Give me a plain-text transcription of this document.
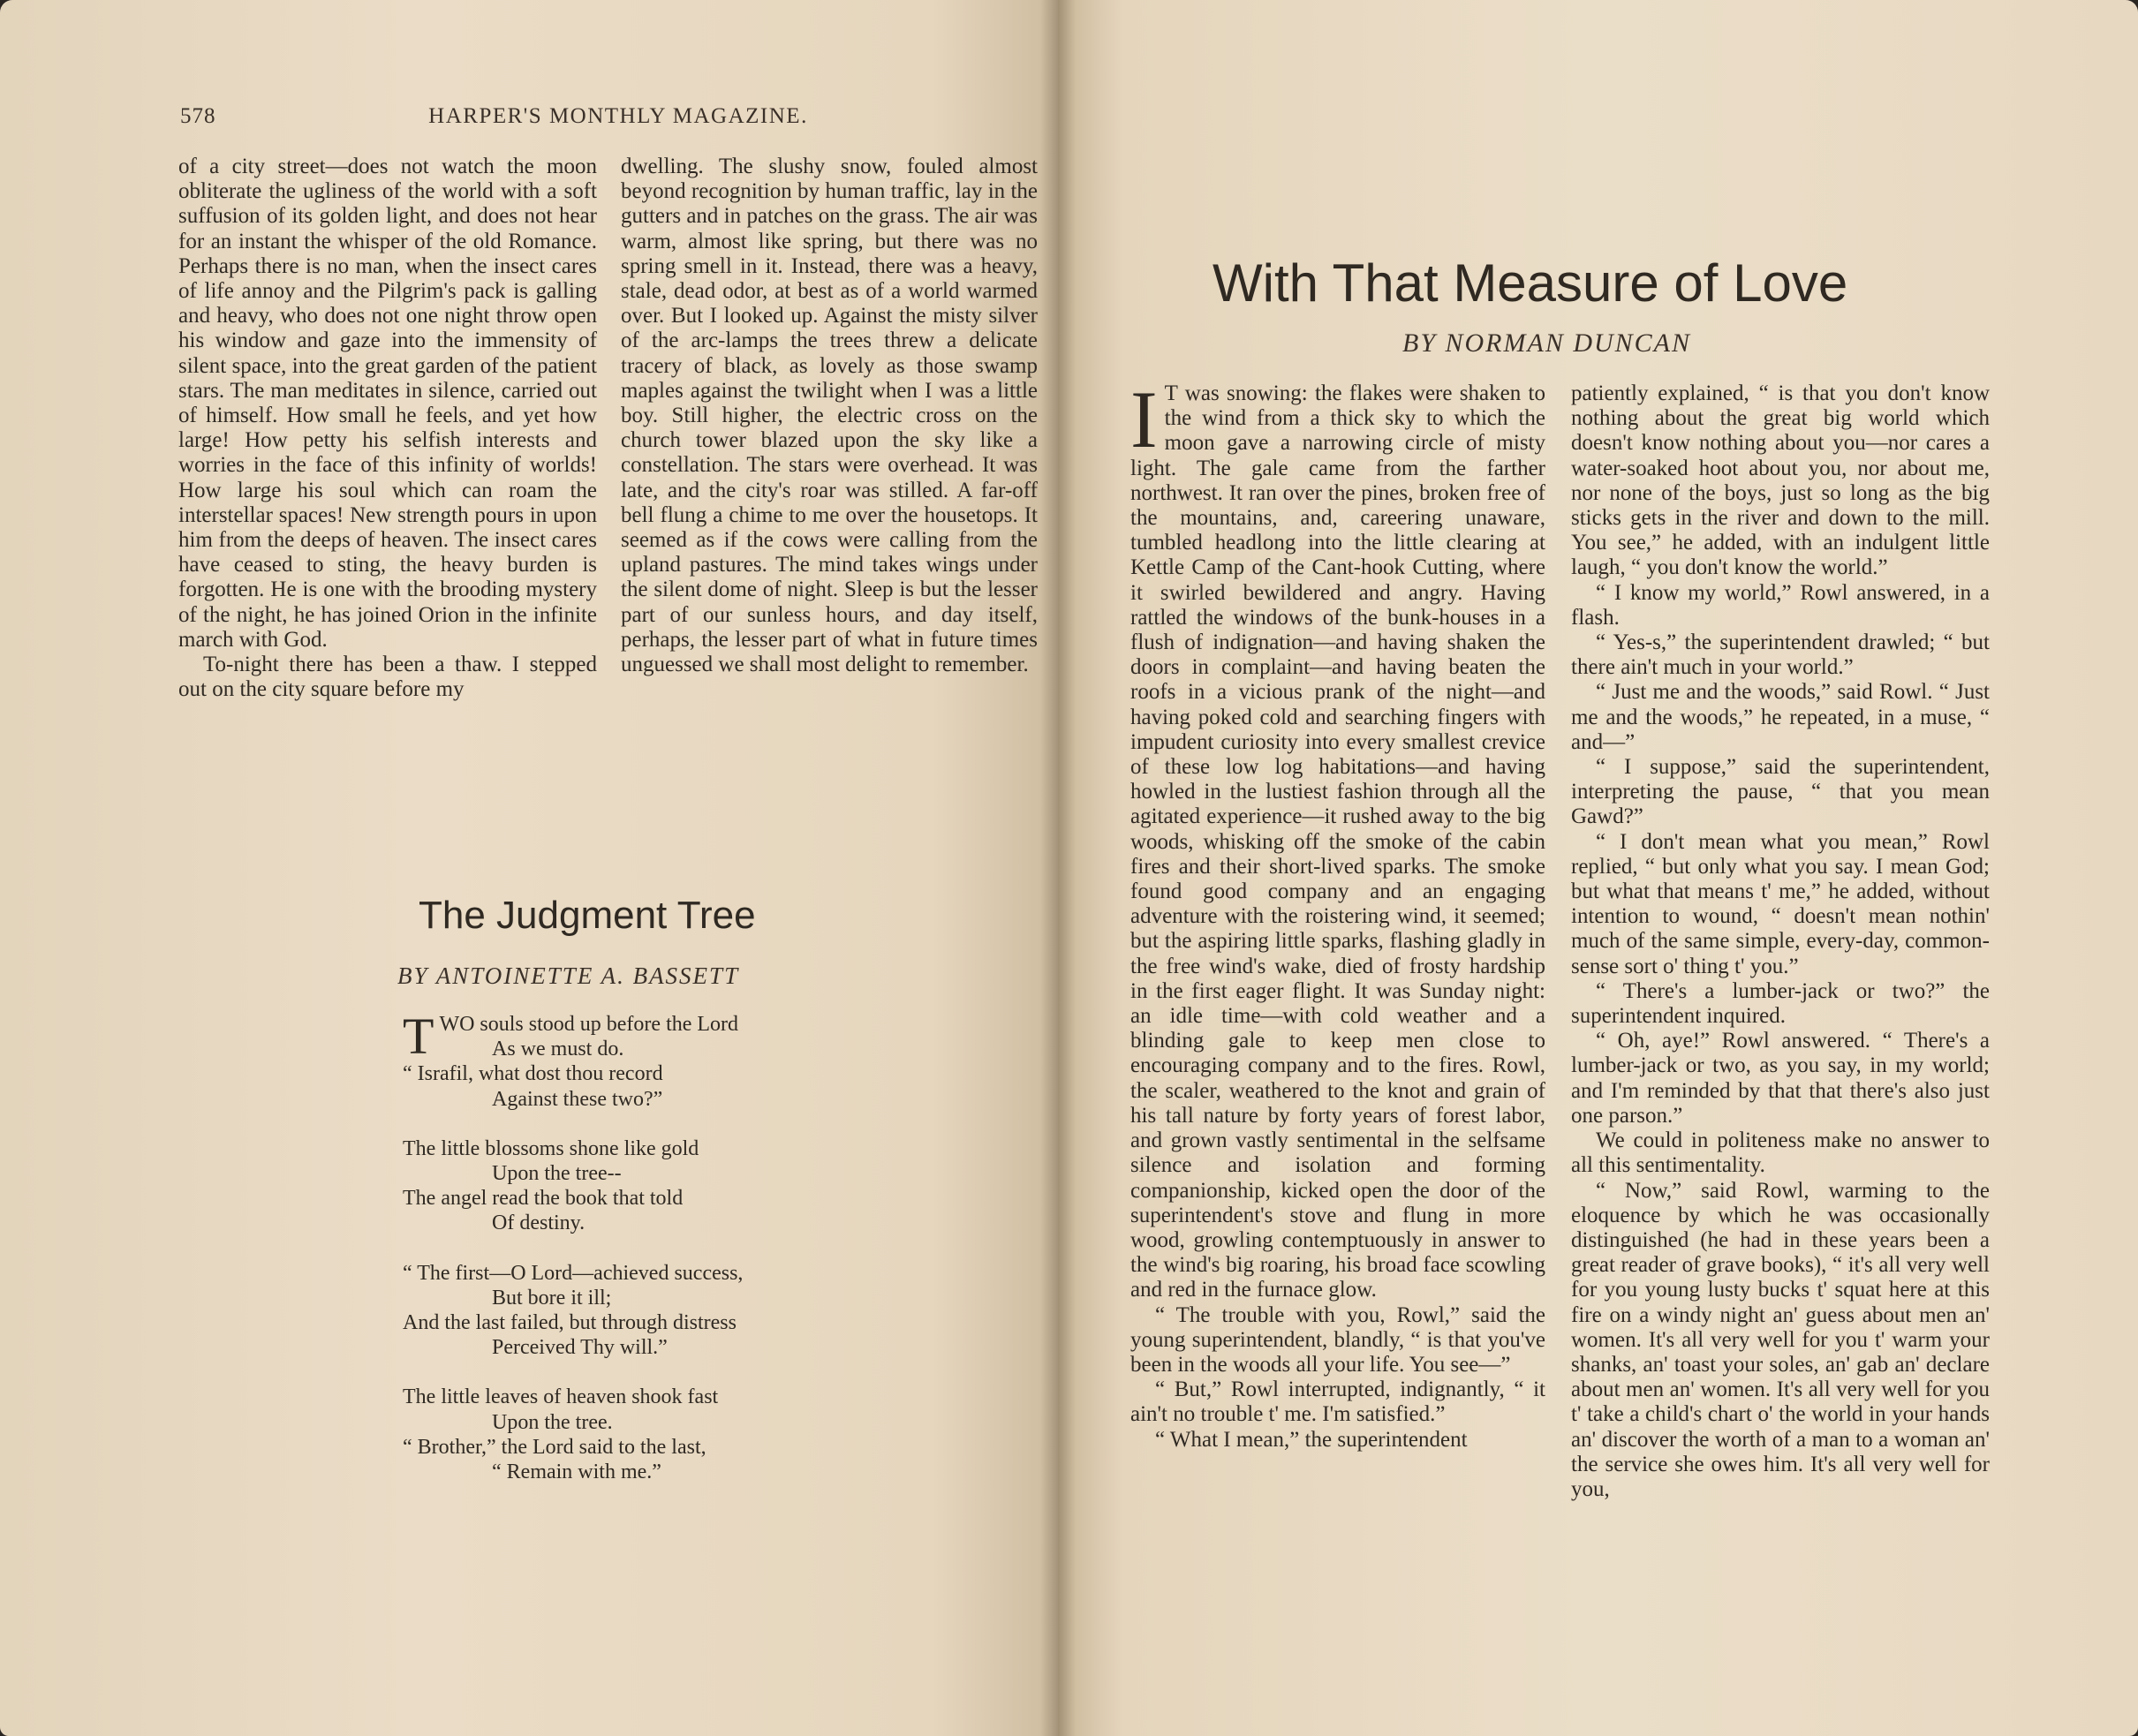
578	HARPER'S MONTHLY MAGAZINE.

of a city street—does not watch the moon obliterate the ugliness of the world with a soft suffusion of its golden light, and does not hear for an instant the whisper of the old Romance. Perhaps there is no man, when the insect cares of life annoy and the Pilgrim's pack is galling and heavy, who does not one night throw open his window and gaze into the immensity of silent space, into the great garden of the patient stars. The man meditates in silence, carried out of himself. How small he feels, and yet how large! How petty his selfish interests and worries in the face of this infinity of worlds! How large his soul which can roam the interstellar spaces! New strength pours in upon him from the deeps of heaven. The insect cares have ceased to sting, the heavy burden is forgotten. He is one with the brooding mystery of the night, he has joined Orion in the infinite march with God.

To-night there has been a thaw. I stepped out on the city square before my

dwelling. The slushy snow, fouled almost beyond recognition by human traffic, lay in the gutters and in patches on the grass. The air was warm, almost like spring, but there was no spring smell in it. Instead, there was a heavy, stale, dead odor, at best as of a world warmed over. But I looked up. Against the misty silver of the arc-lamps the trees threw a delicate tracery of black, as lovely as those swamp maples against the twilight when I was a little boy. Still higher, the electric cross on the church tower blazed upon the sky like a constellation. The stars were overhead. It was late, and the city's roar was stilled. A far-off bell flung a chime to me over the housetops. It seemed as if the cows were calling from the upland pastures. The mind takes wings under the silent dome of night. Sleep is but the lesser part of our sunless hours, and day itself, perhaps, the lesser part of what in future times unguessed we shall most delight to remember.

The Judgment Tree
BY ANTOINETTE A. BASSETT
TWO souls stood up before the Lord
As we must do.
“ Israfil, what dost thou record
Against these two?”
The little blossoms shone like gold
Upon the tree--
The angel read the book that told
Of destiny.
“ The first—O Lord—achieved success,
But bore it ill;
And the last failed, but through distress
Perceived Thy will.”
The little leaves of heaven shook fast
Upon the tree.
“ Brother,” the Lord said to the last,
“ Remain with me.”
With That Measure of Love
BY NORMAN DUNCAN

I T was snowing: the flakes were shaken to the wind from a thick sky to which the moon gave a narrowing circle of misty light. The gale came from the farther northwest. It ran over the pines, broken free of the mountains, and, careering unaware, tumbled headlong into the little clearing at Kettle Camp of the Cant-hook Cutting, where it swirled bewildered and angry. Having rattled the windows of the bunk-houses in a flush of indignation—and having shaken the doors in complaint—and having beaten the roofs in a vicious prank of the night—and having poked cold and searching fingers with impudent curiosity into every smallest crevice of these low log habitations—and having howled in the lustiest fashion through all the agitated experience—it rushed away to the big woods, whisking off the smoke of the cabin fires and their short-lived sparks. The smoke found good company and an engaging adventure with the roistering wind, it seemed; but the aspiring little sparks, flashing gladly in the free wind's wake, died of frosty hardship in the first eager flight. It was Sunday night: an idle time—with cold weather and a blinding gale to keep men close to encouraging company and to the fires. Rowl, the scaler, weathered to the knot and grain of his tall nature by forty years of forest labor, and grown vastly sentimental in the selfsame silence and isolation and forming companionship, kicked open the door of the superintendent's stove and flung in more wood, growling contemptuously in answer to the wind's big roaring, his broad face scowling and red in the furnace glow.

“ The trouble with you, Rowl,” said the young superintendent, blandly, “ is that you've been in the woods all your life. You see—”

“ But,” Rowl interrupted, indignantly, “ it ain't no trouble t' me. I'm satisfied.”

“ What I mean,” the superintendent

patiently explained, “ is that you don't know nothing about the great big world which doesn't know nothing about you—nor cares a water-soaked hoot about you, nor about me, nor none of the boys, just so long as the big sticks gets in the river and down to the mill. You see,” he added, with an indulgent little laugh, “ you don't know the world.”

“ I know my world,” Rowl answered, in a flash.

“ Yes-s,” the superintendent drawled; “ but there ain't much in your world.”

“ Just me and the woods,” said Rowl. “ Just me and the woods,” he repeated, in a muse, “ and—”

“ I suppose,” said the superintendent, interpreting the pause, “ that you mean Gawd?”

“ I don't mean what you mean,” Rowl replied, “ but only what you say. I mean God; but what that means t' me,” he added, without intention to wound, “ doesn't mean nothin' much of the same simple, every-day, common-sense sort o' thing t' you.”

“ There's a lumber-jack or two?” the superintendent inquired.

“ Oh, aye!” Rowl answered. “ There's a lumber-jack or two, as you say, in my world; and I'm reminded by that that there's also just one parson.”

We could in politeness make no answer to all this sentimentality.

“ Now,” said Rowl, warming to the eloquence by which he was occasionally distinguished (he had in these years been a great reader of grave books), “ it's all very well for you young lusty bucks t' squat here at this fire on a windy night an' guess about men an' women. It's all very well for you t' warm your shanks, an' toast your soles, an' gab an' declare about men an' women. It's all very well for you t' take a child's chart o' the world in your hands an' discover the worth of a man to a woman an' the service she owes him. It's all very well for you,
